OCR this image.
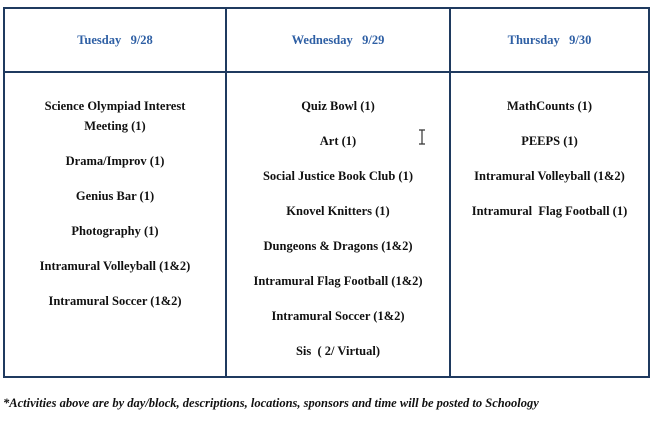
Tuesday   9/28
Science Olympiad Interest Meeting (1)
Drama/Improv (1)
Genius Bar (1)
Photography (1)
Intramural Volleyball (1&2)
Intramural Soccer (1&2)
Wednesday   9/29
Quiz Bowl (1)
Art (1)
Social Justice Book Club (1)
Knovel Knitters (1)
Dungeons & Dragons (1&2)
Intramural Flag Football (1&2)
Intramural Soccer (1&2)
Sis  ( 2/ Virtual)
Thursday   9/30
MathCounts (1)
PEEPS (1)
Intramural Volleyball (1&2)
Intramural  Flag Football (1)
*Activities above are by day/block, descriptions, locations, sponsors and time will be posted to Schoology
